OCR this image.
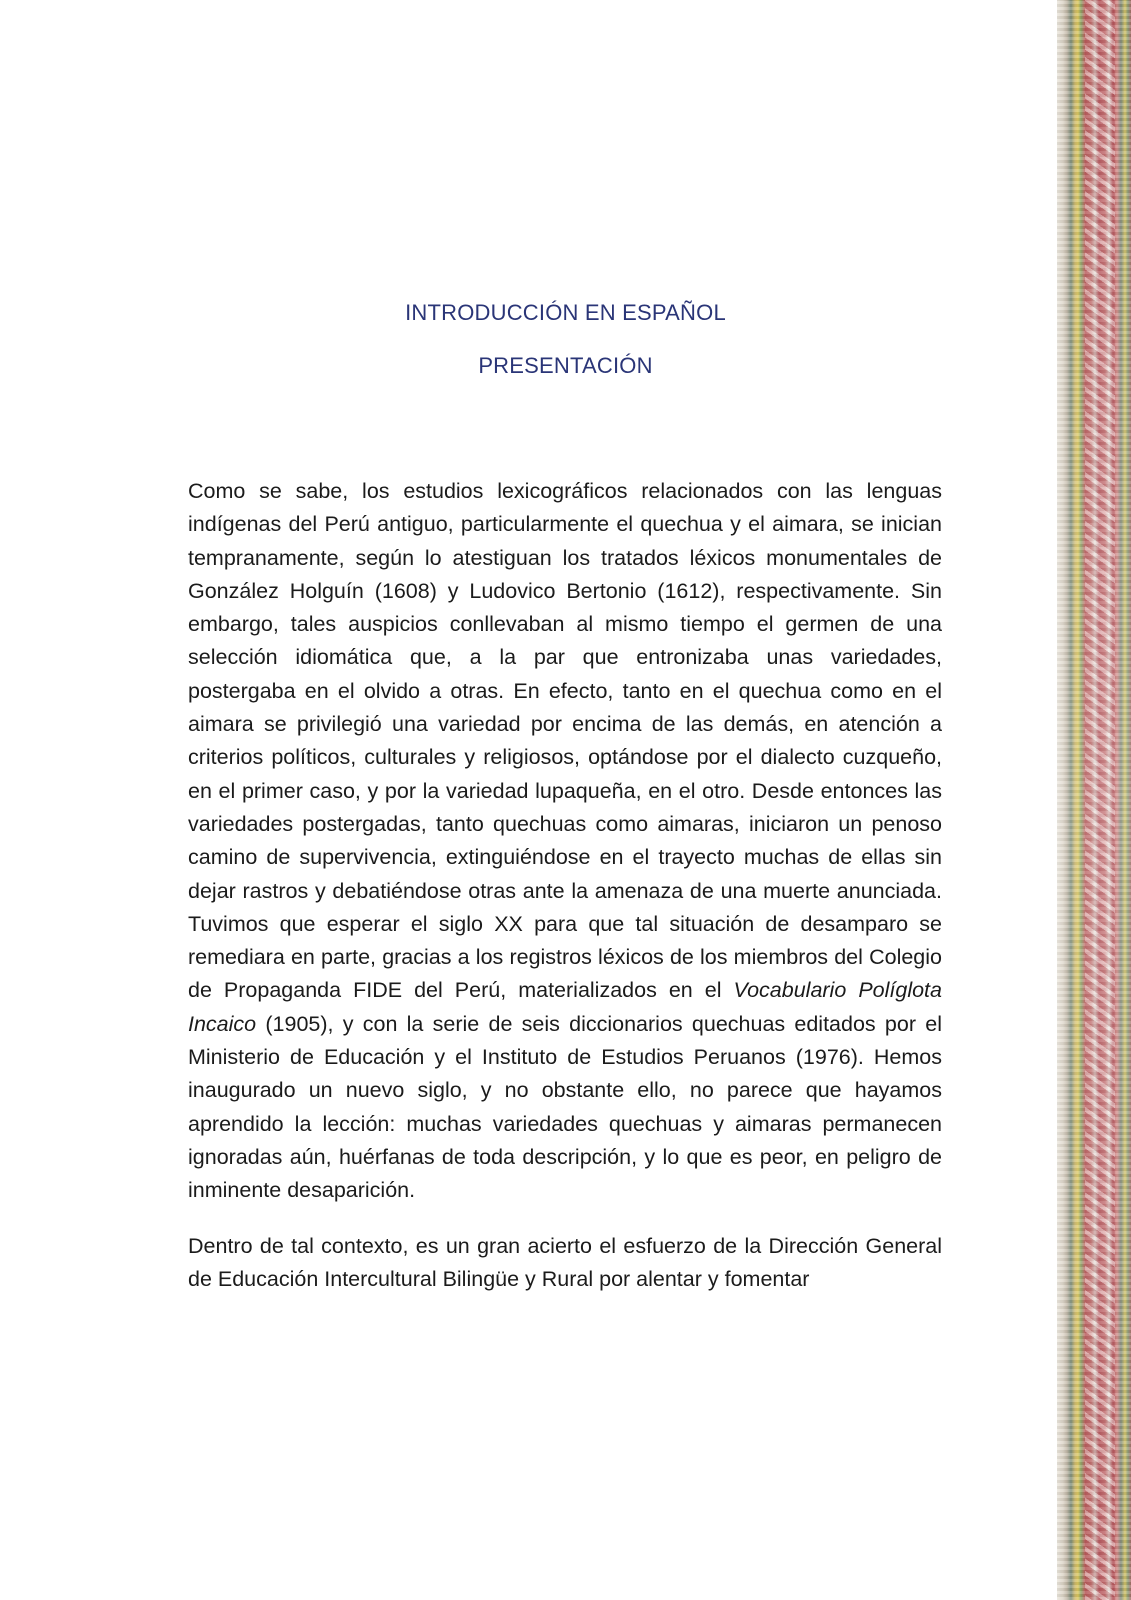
INTRODUCCIÓN EN ESPAÑOL
PRESENTACIÓN

Como se sabe, los estudios lexicográficos relacionados con las lenguas indígenas del Perú antiguo, particularmente el quechua y el aimara, se inician tempranamente, según lo atestiguan los tratados léxicos monumentales de González Holguín (1608) y Ludovico Bertonio (1612), respectivamente. Sin embargo, tales auspicios conllevaban al mismo tiempo el germen de una selección idiomática que, a la par que entronizaba unas variedades, postergaba en el olvido a otras. En efecto, tanto en el quechua como en el aimara se privilegió una variedad por encima de las demás, en atención a criterios políticos, culturales y religiosos, optándose por el dialecto cuzqueño, en el primer caso, y por la variedad lupaqueña, en el otro. Desde entonces las variedades postergadas, tanto quechuas como aimaras, iniciaron un penoso camino de supervivencia, extinguiéndose en el trayecto muchas de ellas sin dejar rastros y debatiéndose otras ante la amenaza de una muerte anunciada. Tuvimos que esperar el siglo XX para que tal situación de desamparo se remediara en parte, gracias a los registros léxicos de los miembros del Colegio de Propaganda FIDE del Perú, materializados en el Vocabulario Políglota Incaico (1905), y con la serie de seis diccionarios quechuas editados por el Ministerio de Educación y el Instituto de Estudios Peruanos (1976). Hemos inaugurado un nuevo siglo, y no obstante ello, no parece que hayamos aprendido la lección: muchas variedades quechuas y aimaras permanecen ignoradas aún, huérfanas de toda descripción, y lo que es peor, en peligro de inminente desaparición.

Dentro de tal contexto, es un gran acierto el esfuerzo de la Dirección General de Educación Intercultural Bilingüe y Rural por alentar y fomentar
